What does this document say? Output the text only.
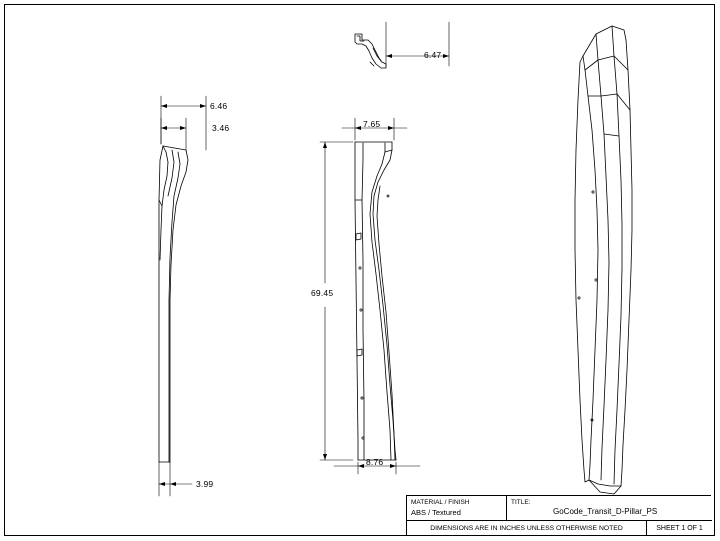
6.46
3.46
3.99
7.65
69.45
8.76
6.47
MATERIAL / FINISH
ABS / Textured
TITLE:
GoCode_Transit_D-Pillar_PS
DIMENSIONS ARE IN INCHES UNLESS OTHERWISE NOTED	SHEET 1 OF 1
